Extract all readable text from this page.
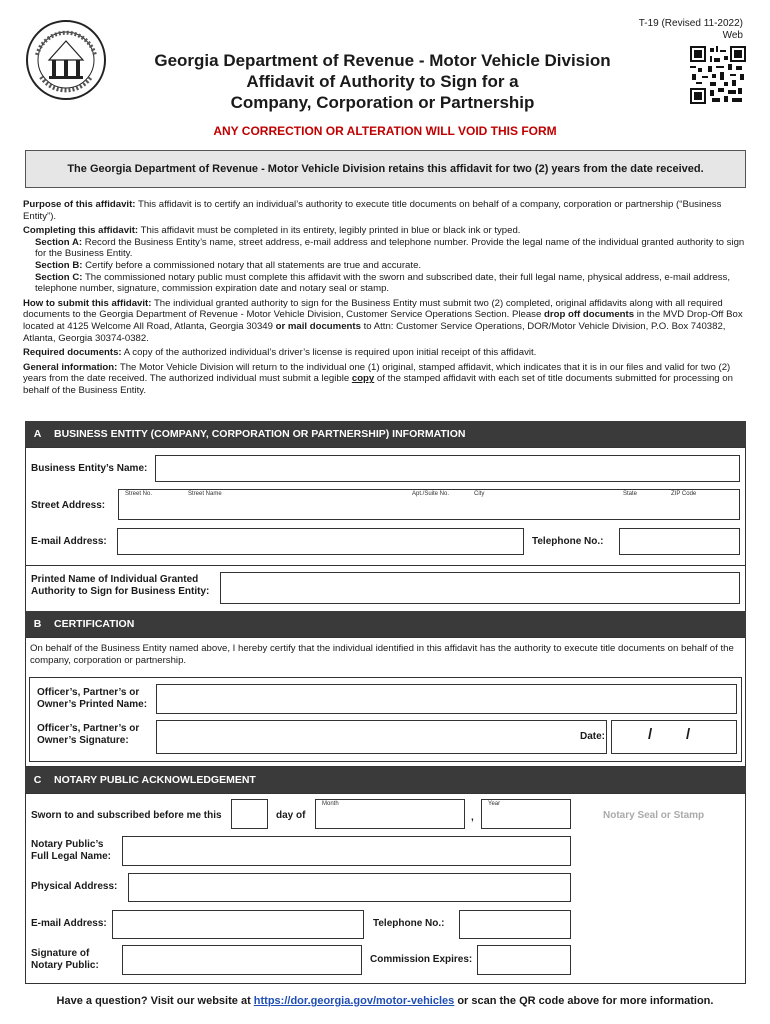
T-19 (Revised 11-2022)
Web
Georgia Department of Revenue - Motor Vehicle Division
Affidavit of Authority to Sign for a
Company, Corporation or Partnership
ANY CORRECTION OR ALTERATION WILL VOID THIS FORM
The Georgia Department of Revenue - Motor Vehicle Division retains this affidavit for two (2) years from the date received.

Purpose of this affidavit: This affidavit is to certify an individual’s authority to execute title documents on behalf of a company, corporation or partnership (“Business Entity”).

Completing this affidavit: This affidavit must be completed in its entirety, legibly printed in blue or black ink or typed.
Section A: Record the Business Entity’s name, street address, e-mail address and telephone number. Provide the legal name of the individual granted authority to sign for the Business Entity.
Section B: Certify before a commissioned notary that all statements are true and accurate.

Section C: The commissioned notary public must complete this affidavit with the sworn and subscribed date, their full legal name, physical address, e-mail address, telephone number, signature, commission expiration date and notary seal or stamp.

How to submit this affidavit: The individual granted authority to sign for the Business Entity must submit two (2) completed, original affidavits along with all required documents to the Georgia Department of Revenue - Motor Vehicle Division, Customer Service Operations Section. Please drop off documents in the MVD Drop-Off Box located at 4125 Welcome All Road, Atlanta, Georgia 30349 or mail documents to Attn: Customer Service Operations, DOR/Motor Vehicle Division, P.O. Box 740382, Atlanta, Georgia 30374-0382.

Required documents: A copy of the authorized individual’s driver’s license is required upon initial receipt of this affidavit.

General information: The Motor Vehicle Division will return to the individual one (1) original, stamped affidavit, which indicates that it is in our files and valid for two (2) years from the date received. The authorized individual must submit a legible copy of the stamped affidavit with each set of title documents submitted for processing on behalf of the Business Entity.

A	BUSINESS ENTITY (COMPANY, CORPORATION OR PARTNERSHIP) INFORMATION
Business Entity’s Name:
Street Address:
Street No.	Street Name	Apt./Suite No.	City	State	ZIP Code
E-mail Address:	Telephone No.:
Printed Name of Individual Granted
Authority to Sign for Business Entity:
B	CERTIFICATION
On behalf of the Business Entity named above, I hereby certify that the individual identified in this affidavit has the authority to execute title documents on behalf of the company, corporation or partnership.
Officer’s, Partner’s or
Owner’s Printed Name:
Officer’s, Partner’s or
Owner’s Signature:	Date:	/ /
C	NOTARY PUBLIC ACKNOWLEDGEMENT
Sworn to and subscribed before me this	day of
Month
,
Year
Notary Seal or Stamp
Notary Public’s
Full Legal Name:
Physical Address:
E-mail Address:	Telephone No.:
Signature of
Notary Public:
Commission Expires:
Have a question? Visit our website at https://dor.georgia.gov/motor-vehicles or scan the QR code above for more information.
